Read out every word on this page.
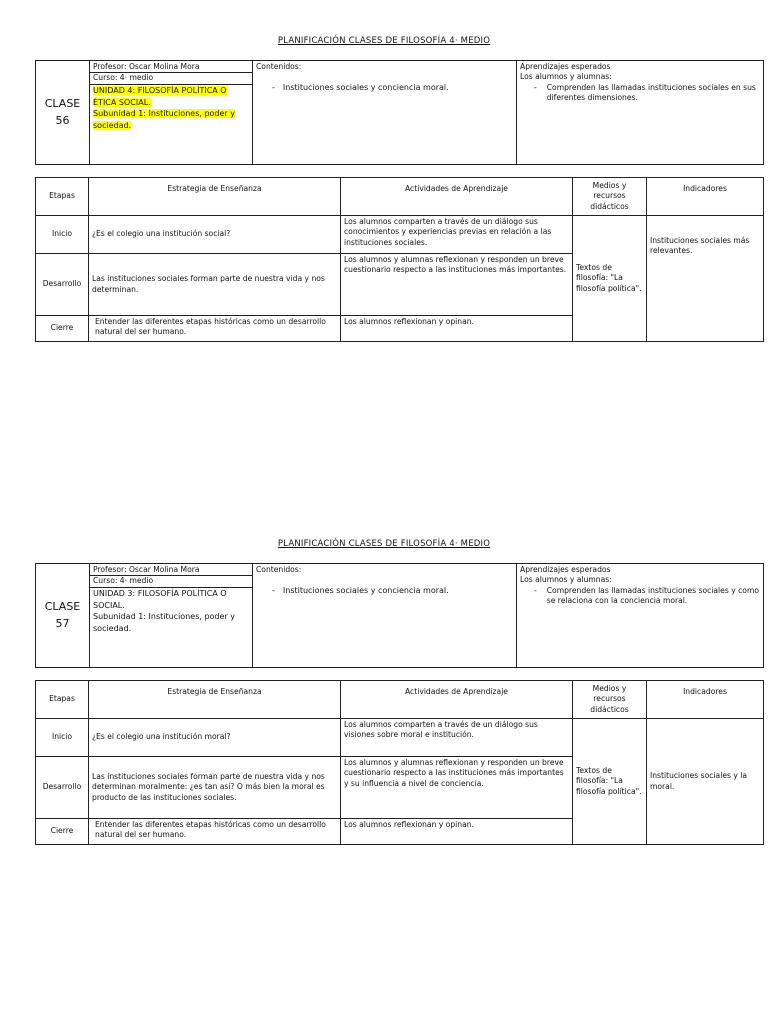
PLANIFICACIÓN CLASES DE FILOSOFÍA 4· MEDIO
CLASE
56

Profesor: Oscar Molina Mora
Curso: 4· medio
UNIDAD 4: FILOSOFÍA POLÍTICA O ÉTICA SOCIAL.
Subunidad 1: Instituciones, poder y sociedad.

Contenidos:
- Instituciones sociales y conciencia moral.

Aprendizajes esperados
Los alumnos y alumnas:
- Comprenden las llamadas instituciones sociales en sus diferentes dimensiones.
Etapas	Estrategia de Enseñanza	Actividades de Aprendizaje	Medios y recursos didácticos	Indicadores
Inicio	¿Es el colegio una institución social?	Los alumnos comparten a través de un diálogo sus conocimientos y experiencias previas en relación a las instituciones sociales.	Textos de filosofía: "La filosofía política".	Instituciones sociales más relevantes.
Desarrollo	Las instituciones sociales forman parte de nuestra vida y nos determinan.	Los alumnos y alumnas reflexionan y responden un breve cuestionario respecto a las instituciones más importantes.		
Cierre	Entender las diferentes etapas históricas como un desarrollo natural del ser humano.	Los alumnos reflexionan y opinan.		
PLANIFICACIÓN CLASES DE FILOSOFÍA 4· MEDIO
CLASE
57

Profesor: Oscar Molina Mora
Curso: 4· medio
UNIDAD 3: FILOSOFÍA POLÍTICA O SOCIAL.
Subunidad 1: Instituciones, poder y sociedad.

Contenidos:
- Instituciones sociales y conciencia moral.

Aprendizajes esperados
Los alumnos y alumnas:
- Comprenden las llamadas instituciones sociales y como se relaciona con la conciencia moral.
Etapas	Estrategia de Enseñanza	Actividades de Aprendizaje	Medios y recursos didácticos	Indicadores
Inicio	¿Es el colegio una institución moral?	Los alumnos comparten a través de un diálogo sus visiones sobre moral e institución.	Textos de filosofía: "La filosofía política".	Instituciones sociales y la moral.
Desarrollo	Las instituciones sociales forman parte de nuestra vida y nos determinan moralmente: ¿es tan así? O más bien la moral es producto de las instituciones sociales.	Los alumnos y alumnas reflexionan y responden un breve cuestionario respecto a las instituciones más importantes y su influencia a nivel de conciencia.		
Cierre	Entender las diferentes etapas históricas como un desarrollo natural del ser humano.	Los alumnos reflexionan y opinan.		
